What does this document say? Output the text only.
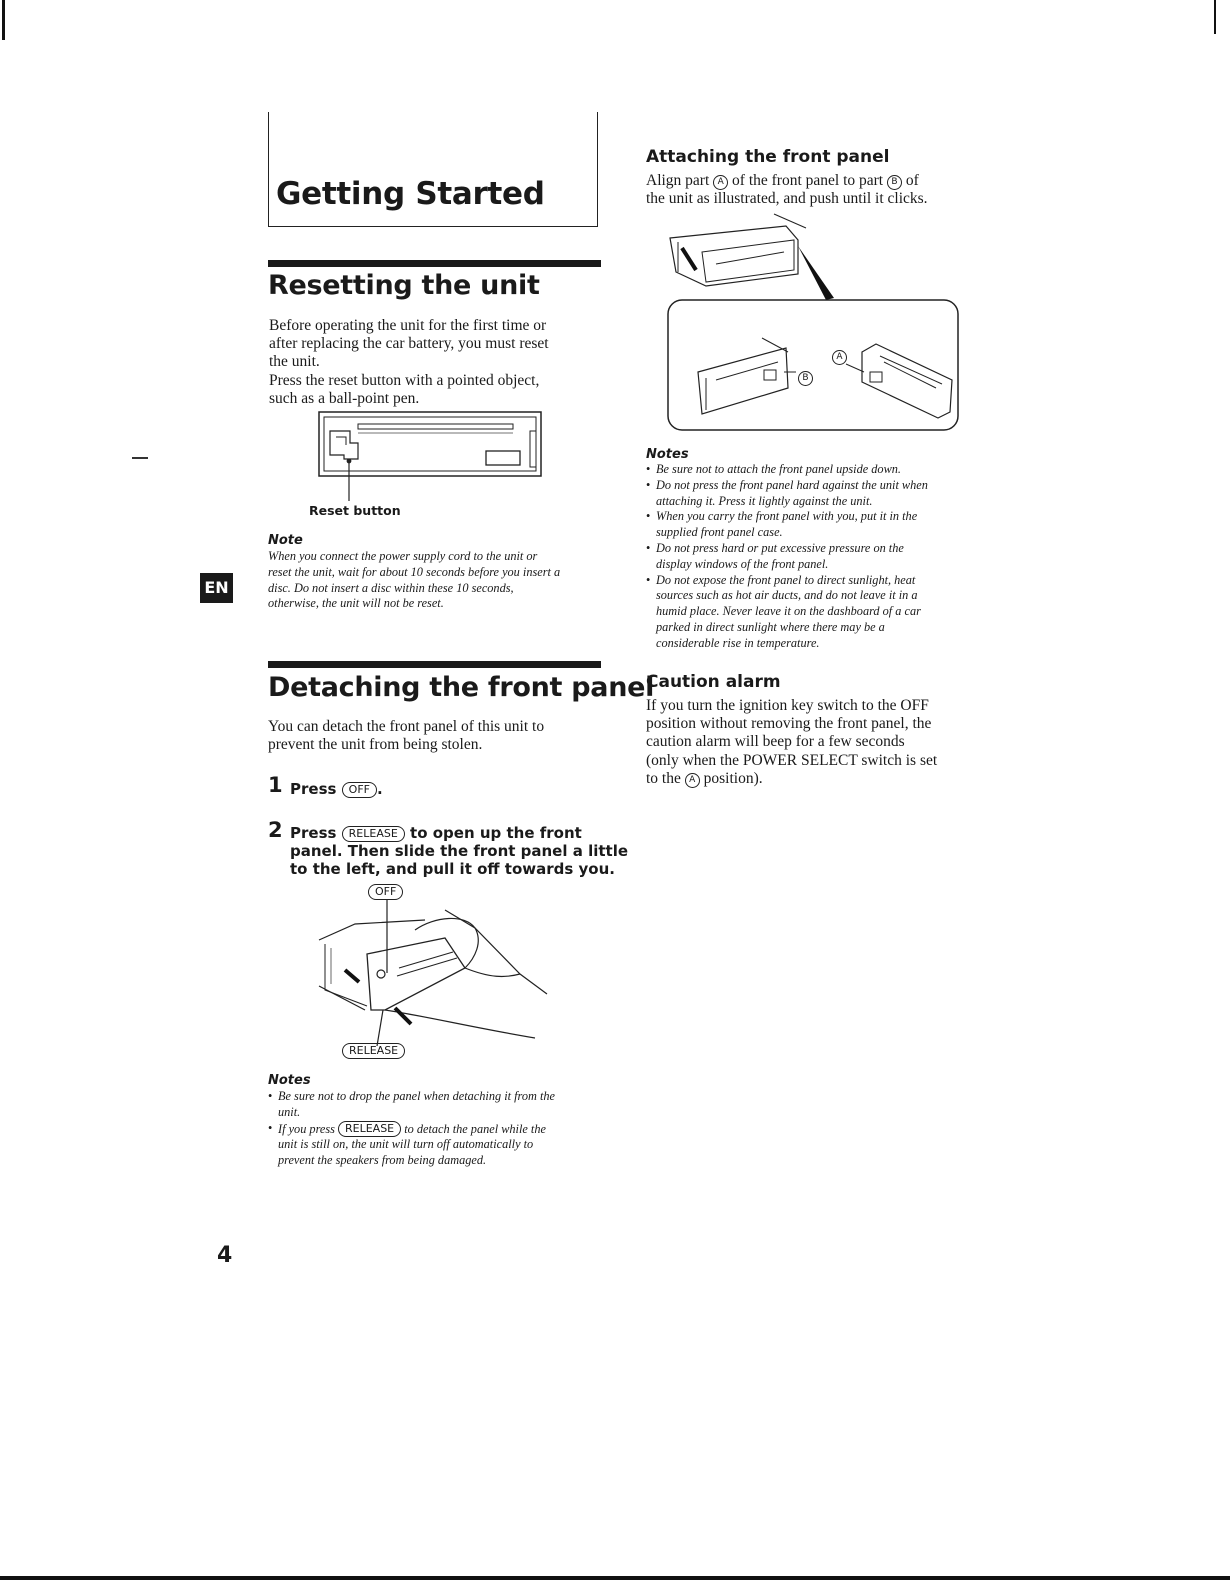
Getting Started
EN
Resetting the unit
Before operating the unit for the first time or
after replacing the car battery, you must reset
the unit.
Press the reset button with a pointed object,
such as a ball-point pen.
Reset button
Note
When you connect the power supply cord to the unit or
reset the unit, wait for about 10 seconds before you insert a
disc. Do not insert a disc within these 10 seconds,
otherwise, the unit will not be reset.
Detaching the front panel
You can detach the front panel of this unit to
prevent the unit from being stolen.
1 Press OFF .
2 Press RELEASE to open up the front
panel. Then slide the front panel a little
to the left, and pull it off towards you.
OFF
RELEASE
Notes
• Be sure not to drop the panel when detaching it from the
unit.
• If you press RELEASE to detach the panel while the
unit is still on, the unit will turn off automatically to
prevent the speakers from being damaged.
Attaching the front panel
Align part A of the front panel to part B of
the unit as illustrated, and push until it clicks.
A
B
Notes
• Be sure not to attach the front panel upside down.
• Do not press the front panel hard against the unit when
attaching it. Press it lightly against the unit.
• When you carry the front panel with you, put it in the
supplied front panel case.
• Do not press hard or put excessive pressure on the
display windows of the front panel.
• Do not expose the front panel to direct sunlight, heat
sources such as hot air ducts, and do not leave it in a
humid place. Never leave it on the dashboard of a car
parked in direct sunlight where there may be a
considerable rise in temperature.
Caution alarm
If you turn the ignition key switch to the OFF
position without removing the front panel, the
caution alarm will beep for a few seconds
(only when the POWER SELECT switch is set
to the A position).
4
